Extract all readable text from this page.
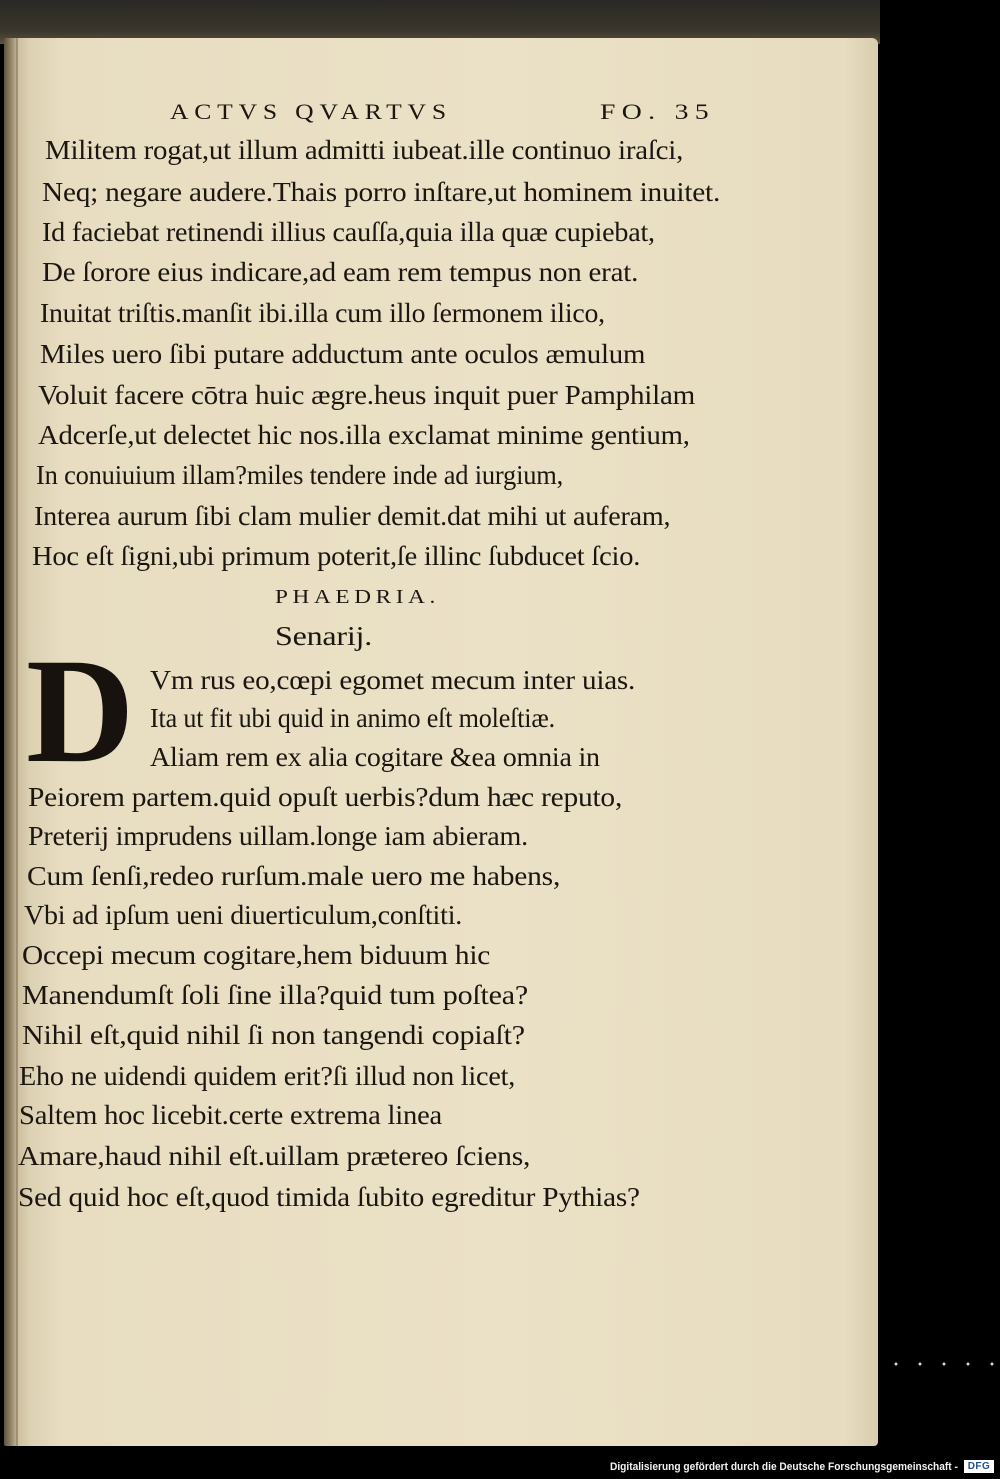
ACTVS QVARTVS	FO. 35
Militem rogat,ut illum admitti iubeat.ille continuo iraſci,
Neq; negare audere.Thais porro inſtare,ut hominem inuitet.
Id faciebat retinendi illius cauſſa,quia illa quæ cupiebat,
De ſorore eius indicare,ad eam rem tempus non erat.
Inuitat triſtis.manſit ibi.illa cum illo ſermonem ilico,
Miles uero ſibi putare adductum ante oculos æmulum
Voluit facere cōtra huic ægre.heus inquit puer Pamphilam
Adcerſe,ut delectet hic nos.illa exclamat minime gentium,
In conuiuium illam?miles tendere inde ad iurgium,
Interea aurum ſibi clam mulier demit.dat mihi ut auferam,
Hoc eſt ſigni,ubi primum poterit,ſe illinc ſubducet ſcio.
PHAEDRIA.
Senarij.
D Vm rus eo,cœpi egomet mecum inter uias.
Ita ut fit ubi quid in animo eſt moleſtiæ.
Aliam rem ex alia cogitare &ea omnia in
Peiorem partem.quid opuſt uerbis?dum hæc reputo,
Preterij imprudens uillam.longe iam abieram.
Cum ſenſi,redeo rurſum.male uero me habens,
Vbi ad ipſum ueni diuerticulum,conſtiti.
Occepi mecum cogitare,hem biduum hic
Manendumſt ſoli ſine illa?quid tum poſtea?
Nihil eſt,quid nihil ſi non tangendi copiaſt?
Eho ne uidendi quidem erit?ſi illud non licet,
Saltem hoc licebit.certe extrema linea
Amare,haud nihil eſt.uillam prætereo ſciens,
Sed quid hoc eſt,quod timida ſubito egreditur Pythias?
Digitalisierung gefördert durch die Deutsche Forschungsgemeinschaft - DFG
